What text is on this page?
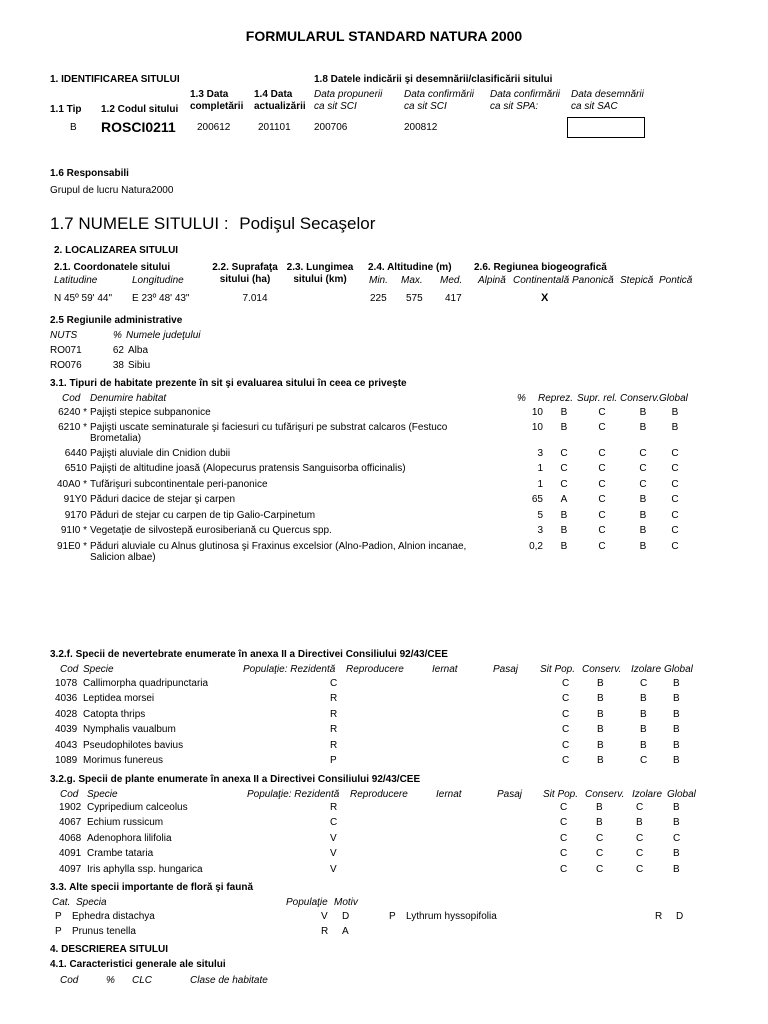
FORMULARUL STANDARD NATURA 2000
1. IDENTIFICAREA SITULUI
1.3 Data
completării
1.4 Data
actualizării
1.1 Tip 1.2 Codul sitului
1.8 Datele indicării şi desemnării/clasificării sitului
Data propunerii
ca sit SCI
Data confirmării
ca sit SCI
Data confirmării
ca sit SPA:
Data desemnării
ca sit SAC
B ROSCI0211 200612	201101 200706	200812
1.6 Responsabili
Grupul de lucru Natura2000
1.7 NUMELE SITULUI : Podişul Secaşelor
2. LOCALIZAREA SITULUI
2.1. Coordonatele sitului
Latitudine	Longitudine
2.2. Suprafaţa
sitului (ha)
2.3. Lungimea
sitului (km)
2.4. Altitudine (m)
Min. Max. Med.
2.6. Regiunea biogeografică
Alpină Continentală Panonică Stepică Pontică
N 45º 59' 44" E 23º 48' 43"	7.014	225 575 417	X
2.5 Regiunile administrative
NUTS	% Numele judeţului
RO071	62 Alba
RO076	38 Sibiu
3.1. Tipuri de habitate prezente în sit şi evaluarea sitului în ceea ce priveşte
Cod Denumire habitat	% Reprez. Supr. rel. Conserv. Global
6240 * Pajişti stepice subpanonice	10	B	C	B	B
6210 * Pajişti uscate seminaturale şi faciesuri cu tufărişuri pe substrat calcaros (Festuco	10	B	C	B	B
Brometalia)
6440 Pajişti aluviale din Cnidion dubii	3	C	C	C	C
6510 Pajişti de altitudine joasă (Alopecurus pratensis Sanguisorba officinalis)	1	C	C	C	C
40A0 * Tufărişuri subcontinentale peri-panonice	1	C	C	C	C
91Y0 Păduri dacice de stejar şi carpen	65	A	C	B	C
9170 Păduri de stejar cu carpen de tip Galio-Carpinetum	5	B	C	B	C
91I0 * Vegetaţie de silvostepă eurosiberiană cu Quercus spp.	3	B	C	B	C
91E0 * Păduri aluviale cu Alnus glutinosa şi Fraxinus excelsior (Alno-Padion, Alnion incanae,	0,2	B	C	B	C
Salicion albae)
3.2.f. Specii de nevertebrate enumerate în anexa II a Directivei Consiliului 92/43/CEE
Cod Specie	Populaţie: Rezidentă Reproducere	Iernat	Pasaj Sit Pop. Conserv. Izolare Global
1078 Callimorpha quadripunctaria	C	C	B	C	B
4036 Leptidea morsei	R	C	B	B	B
4028 Catopta thrips	R	C	B	B	B
4039 Nymphalis vaualbum	R	C	B	B	B
4043 Pseudophilotes bavius	R	C	B	B	B
1089 Morimus funereus	P	C	B	C	B
3.2.g. Specii de plante enumerate în anexa II a Directivei Consiliului 92/43/CEE
Cod Specie	Populaţie: Rezidentă Reproducere	Iernat	Pasaj Sit Pop. Conserv. Izolare Global
1902 Cypripedium calceolus	R	C	B	C	B
4067 Echium russicum	C	C	B	B	B
4068 Adenophora lilifolia	V	C	C	C	C
4091 Crambe tataria	V	C	C	C	B
4097 Iris aphylla ssp. hungarica	V	C	C	C	B
3.3. Alte specii importante de floră şi faună
Cat. Specia	Populaţie Motiv
P Ephedra distachya	V D	P Lythrum hyssopifolia	R D
P Prunus tenella	R A
4. DESCRIEREA SITULUI
4.1. Caracteristici generale ale sitului
Cod	% CLC	Clase de habitate
